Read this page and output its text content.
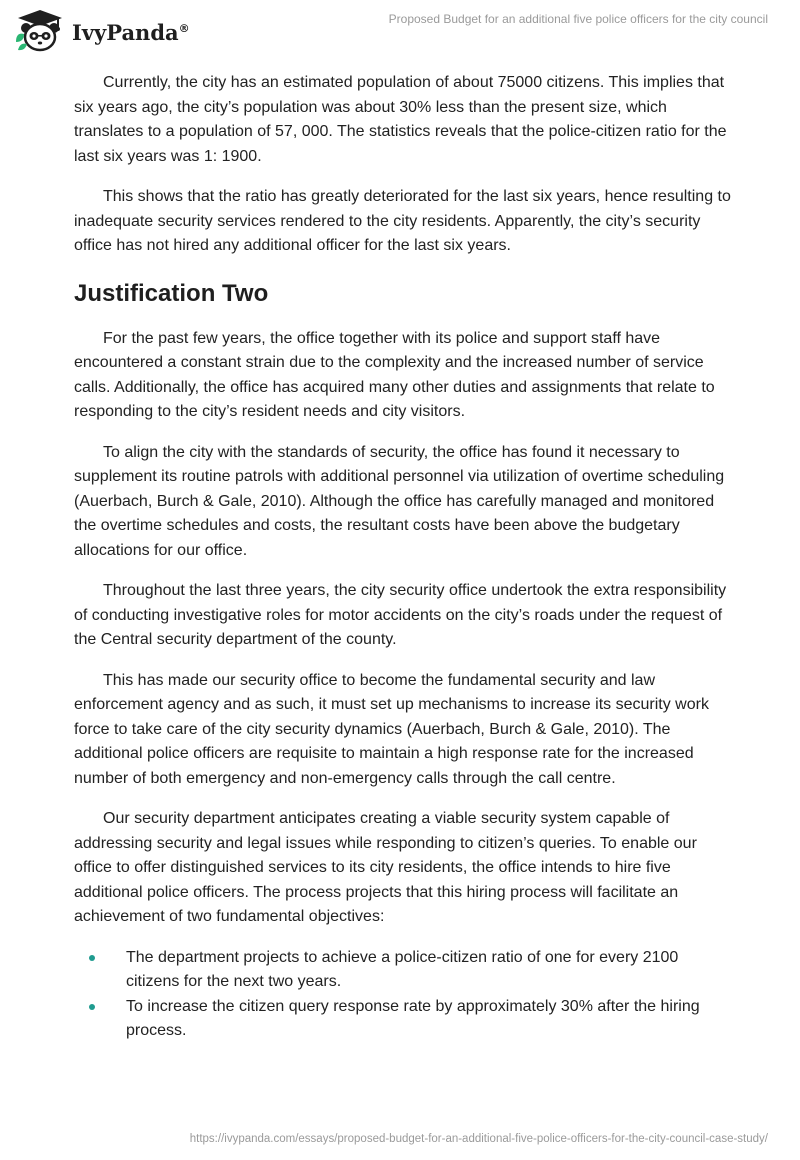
IvyPanda®
Proposed Budget for an additional five police officers for the city council

Currently, the city has an estimated population of about 75000 citizens. This implies that six years ago, the city’s population was about 30% less than the present size, which translates to a population of 57, 000. The statistics reveals that the police-citizen ratio for the last six years was 1: 1900.

This shows that the ratio has greatly deteriorated for the last six years, hence resulting to inadequate security services rendered to the city residents. Apparently, the city’s security office has not hired any additional officer for the last six years.

Justification Two

For the past few years, the office together with its police and support staff have encountered a constant strain due to the complexity and the increased number of service calls. Additionally, the office has acquired many other duties and assignments that relate to responding to the city’s resident needs and city visitors.

To align the city with the standards of security, the office has found it necessary to supplement its routine patrols with additional personnel via utilization of overtime scheduling (Auerbach, Burch & Gale, 2010). Although the office has carefully managed and monitored the overtime schedules and costs, the resultant costs have been above the budgetary allocations for our office.

Throughout the last three years, the city security office undertook the extra responsibility of conducting investigative roles for motor accidents on the city’s roads under the request of the Central security department of the county.

This has made our security office to become the fundamental security and law enforcement agency and as such, it must set up mechanisms to increase its security work force to take care of the city security dynamics (Auerbach, Burch & Gale, 2010). The additional police officers are requisite to maintain a high response rate for the increased number of both emergency and non-emergency calls through the call centre.

Our security department anticipates creating a viable security system capable of addressing security and legal issues while responding to citizen’s queries. To enable our office to offer distinguished services to its city residents, the office intends to hire five additional police officers. The process projects that this hiring process will facilitate an achievement of two fundamental objectives:

The department projects to achieve a police-citizen ratio of one for every 2100 citizens for the next two years.
To increase the citizen query response rate by approximately 30% after the hiring process.
https://ivypanda.com/essays/proposed-budget-for-an-additional-five-police-officers-for-the-city-council-case-study/
